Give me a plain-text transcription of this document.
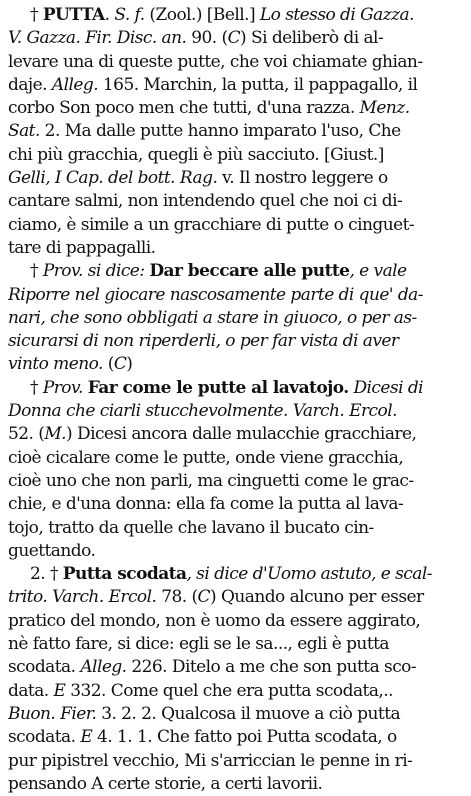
† PUTTA. S. f. (Zool.) [Bell.] Lo stesso di Gazza.
V. Gazza. Fir. Disc. an. 90. (C) Si deliberò di al-
levare una di queste putte, che voi chiamate ghian-
daje. Alleg. 165. Marchin, la putta, il pappagallo, il
corbo Son poco men che tutti, d'una razza. Menz.
Sat. 2. Ma dalle putte hanno imparato l'uso, Che
chi più gracchia, quegli è più sacciuto. [Giust.]
Gelli, I Cap. del bott. Rag. v. Il nostro leggere o
cantare salmi, non intendendo quel che noi ci di-
ciamo, è simile a un gracchiare di putte o cinguet-
tare di pappagalli.
† Prov. si dice: Dar beccare alle putte, e vale
Riporre nel giocare nascosamente parte di que' da-
nari, che sono obbligati a stare in giuoco, o per as-
sicurarsi di non riperderli, o per far vista di aver
vinto meno. (C)
† Prov. Far come le putte al lavatojo. Dicesi di
Donna che ciarli stucchevolmente. Varch. Ercol.
52. (M.) Dicesi ancora dalle mulacchie gracchiare,
cioè cicalare come le putte, onde viene gracchia,
cioè uno che non parli, ma cinguetti come le grac-
chie, e d'una donna: ella fa come la putta al lava-
tojo, tratto da quelle che lavano il bucato cin-
guettando.
2. † Putta scodata, si dice d'Uomo astuto, e scal-
trito. Varch. Ercol. 78. (C) Quando alcuno per esser
pratico del mondo, non è uomo da essere aggirato,
nè fatto fare, si dice: egli se le sa..., egli è putta
scodata. Alleg. 226. Ditelo a me che son putta sco-
data. E 332. Come quel che era putta scodata,..
Buon. Fier. 3. 2. 2. Qualcosa il muove a ciò putta
scodata. E 4. 1. 1. Che fatto poi Putta scodata, o
pur pipistrel vecchio, Mi s'arriccian le penne in ri-
pensando A certe storie, a certi lavorii.
